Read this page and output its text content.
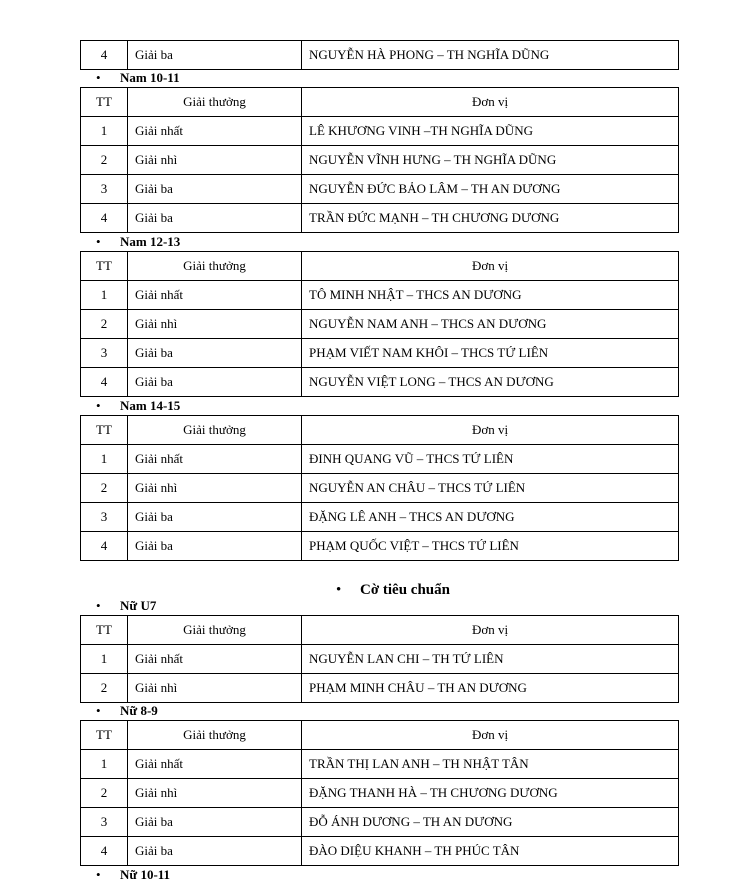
4	Giải ba	NGUYỄN HÀ PHONG – TH NGHĨA DŨNG
•	Nam 10-11
TT	Giải thưởng	Đơn vị
1	Giải nhất	LÊ KHƯƠNG VINH –TH NGHĨA DŨNG
2	Giải nhì	NGUYỄN VĨNH HƯNG – TH NGHĨA DŨNG
3	Giải ba	NGUYỄN ĐỨC BẢO LÂM – TH AN DƯƠNG
4	Giải ba	TRẦN ĐỨC MẠNH – TH CHƯƠNG DƯƠNG
•	Nam 12-13
TT	Giải thưởng	Đơn vị
1	Giải nhất	TÔ MINH NHẬT – THCS AN DƯƠNG
2	Giải nhì	NGUYỄN NAM ANH – THCS AN DƯƠNG
3	Giải ba	PHẠM VIẾT NAM KHÔI – THCS TỨ LIÊN
4	Giải ba	NGUYỄN VIỆT LONG – THCS AN DƯƠNG
•	Nam 14-15
TT	Giải thưởng	Đơn vị
1	Giải nhất	ĐINH QUANG VŨ – THCS TỨ LIÊN
2	Giải nhì	NGUYỄN AN CHÂU – THCS TỨ LIÊN
3	Giải ba	ĐẶNG LÊ ANH – THCS AN DƯƠNG
4	Giải ba	PHẠM QUỐC VIỆT – THCS TỨ LIÊN
•	Cờ tiêu chuẩn
•	Nữ U7
TT	Giải thưởng	Đơn vị
1	Giải nhất	NGUYỄN LAN CHI – TH TỨ LIÊN
2	Giải nhì	PHẠM MINH CHÂU – TH AN DƯƠNG
•	Nữ 8-9
TT	Giải thưởng	Đơn vị
1	Giải nhất	TRẦN THỊ LAN ANH – TH NHẬT TÂN
2	Giải nhì	ĐẶNG THANH HÀ – TH CHƯƠNG DƯƠNG
3	Giải ba	ĐỖ ÁNH DƯƠNG – TH AN DƯƠNG
4	Giải ba	ĐÀO DIỆU KHANH – TH PHÚC TÂN
•	Nữ 10-11
